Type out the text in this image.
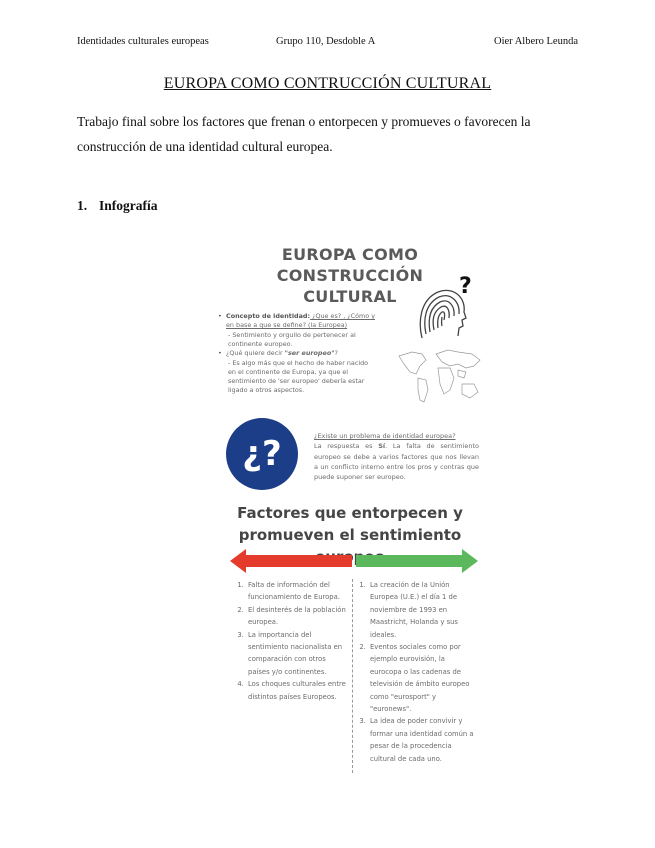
Identidades culturales europeas	Grupo 110, Desdoble A	Oier Albero Leunda
EUROPA COMO CONTRUCCIÓN CULTURAL
Trabajo final sobre los factores que frenan o entorpecen y promueves o favorecen la construcción de una identidad cultural europea.
1. Infografía
EUROPA COMO CONSTRUCCIÓN
CULTURAL	?

• Concepto de identidad: ¿Que es? , ¿Cómo y en base a que se define? (la Europea)

- Sentimiento y orgullo de pertenecer al continente europeo.

• ¿Qué quiere decir "ser europeo"?

- Es algo más que el hecho de haber nacido en el continente de Europa, ya que el sentimiento de 'ser europeo' debería estar ligado a otros aspectos.

¿?	¿Existe un problema de identidad europea?
La respuesta es Sí. La falta de sentimiento europeo se debe a varios factores que nos llevan a un conflicto interno entre los pros y contras que puede suponer ser europeo.
Factores que entorpecen y
promueven el sentimiento
1. Falta de información del funcionamiento de Europa.
2. El desinterés de la población europea.
3. La importancia del sentimiento nacionalista en comparación con otros países y/o continentes.
4. Los choques culturales entre distintos países Europeos.
1. La creación de la Unión Europea (U.E.) el día 1 de noviembre de 1993 en Maastricht, Holanda y sus ideales.
2. Eventos sociales como por ejemplo eurovisión, la eurocopa o las cadenas de televisión de ámbito europeo como "eurosport" y "euronews".
3. La idea de poder convivir y formar una identidad común a pesar de la procedencia cultural de cada uno.
